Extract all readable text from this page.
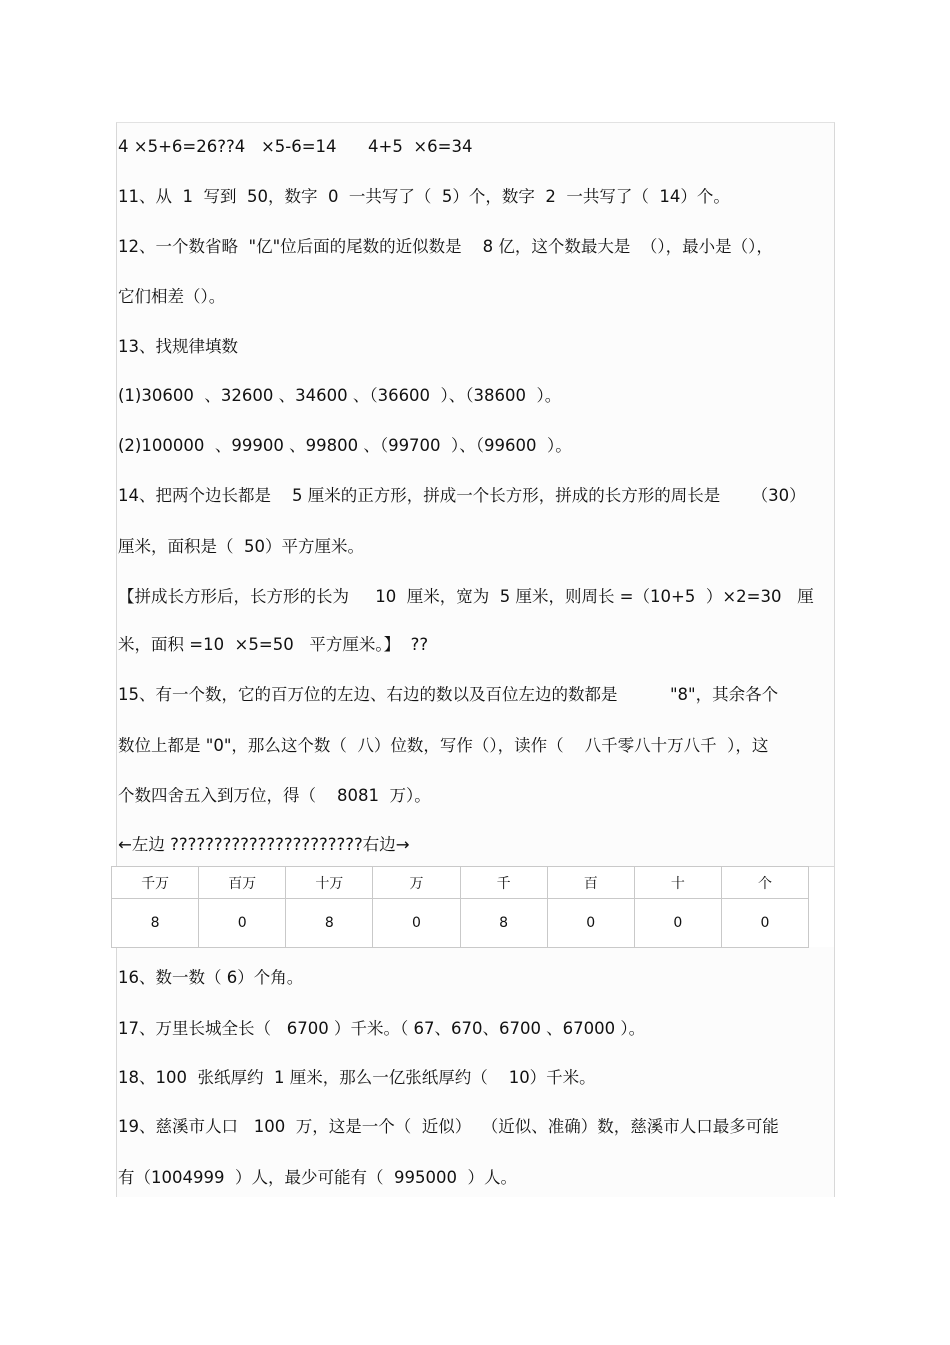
4 ×5+6=26??4   ×5-6=14      4+5  ×6=34
11、从  1  写到  50，数字  0  一共写了（  5）个，数字  2  一共写了（  14）个。
12、一个数省略  "亿"位后面的尾数的近似数是    8 亿，这个数最大是  （），最小是（），
它们相差（）。
13、找规律填数
(1)30600  、32600 、34600 、（36600  ）、（38600  ）。
(2)100000  、99900 、99800 、（99700  ）、（99600  ）。
14、把两个边长都是    5 厘米的正方形，拼成一个长方形，拼成的长方形的周长是      （30）
厘米，面积是（  50）平方厘米。
【拼成长方形后，长方形的长为     10  厘米，宽为  5 厘米，则周长 =（10+5  ）×2=30   厘
米，面积 =10  ×5=50   平方厘米。】  ??
15、有一个数，它的百万位的左边、右边的数以及百位左边的数都是          "8"，其余各个
数位上都是 "0"，那么这个数（  八）位数，写作（），读作（    八千零八十万八千  ），这
个数四舍五入到万位，得（    8081  万）。
←左边 ??????????????????????右边→
千万	百万	十万	万	千	百	十	个
8	0	8	0	8	0	0	0
16、数一数（ 6）个角。
17、万里长城全长（   6700 ）千米。（ 67、670、6700 、67000 ）。
18、100  张纸厚约  1 厘米，那么一亿张纸厚约（    10）千米。
19、慈溪市人口   100  万，这是一个（  近似）  （近似、准确）数，慈溪市人口最多可能
有（1004999  ）人，最少可能有（  995000  ）人。
